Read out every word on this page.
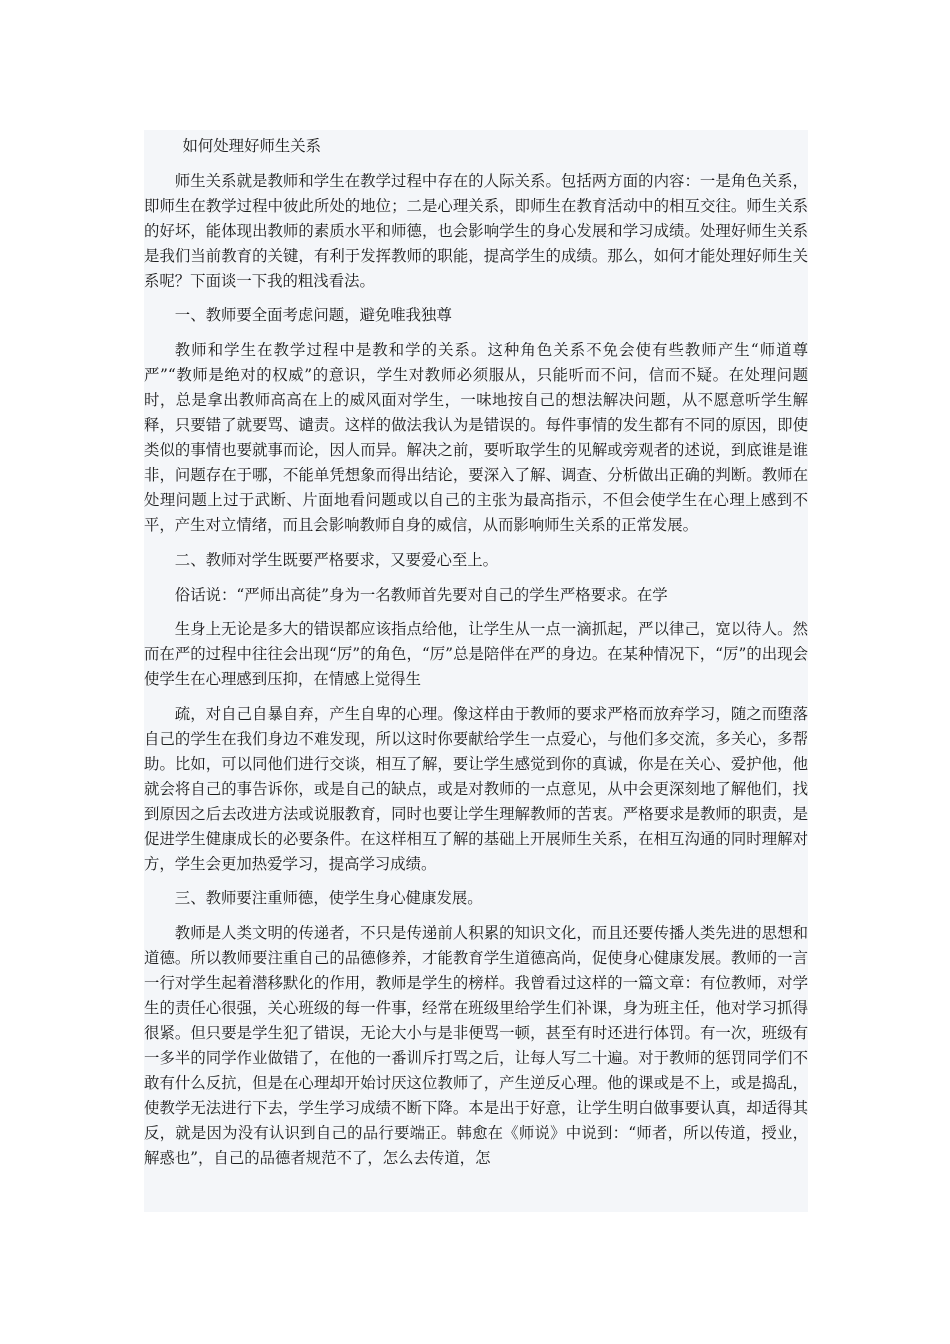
如何处理好师生关系

师生关系就是教师和学生在教学过程中存在的人际关系。包括两方面的内容：一是角色关系，即师生在教学过程中彼此所处的地位；二是心理关系，即师生在教育活动中的相互交往。师生关系的好坏，能体现出教师的素质水平和师德，也会影响学生的身心发展和学习成绩。处理好师生关系是我们当前教育的关键，有利于发挥教师的职能，提高学生的成绩。那么，如何才能处理好师生关系呢？下面谈一下我的粗浅看法。

一、教师要全面考虑问题，避免唯我独尊

教师和学生在教学过程中是教和学的关系。这种角色关系不免会使有些教师产生“师道尊严”“教师是绝对的权威”的意识，学生对教师必须服从，只能听而不问，信而不疑。在处理问题时，总是拿出教师高高在上的威风面对学生，一味地按自己的想法解决问题，从不愿意听学生解释，只要错了就要骂、谴责。这样的做法我认为是错误的。每件事情的发生都有不同的原因，即使类似的事情也要就事而论，因人而异。解决之前，要听取学生的见解或旁观者的述说，到底谁是谁非，问题存在于哪，不能单凭想象而得出结论，要深入了解、调查、分析做出正确的判断。教师在处理问题上过于武断、片面地看问题或以自己的主张为最高指示，不但会使学生在心理上感到不平，产生对立情绪，而且会影响教师自身的威信，从而影响师生关系的正常发展。

二、教师对学生既要严格要求，又要爱心至上。

俗话说：“严师出高徒”身为一名教师首先要对自己的学生严格要求。在学

生身上无论是多大的错误都应该指点给他，让学生从一点一滴抓起，严以律己，宽以待人。然而在严的过程中往往会出现“厉”的角色，“厉”总是陪伴在严的身边。在某种情况下，“厉”的出现会使学生在心理感到压抑，在情感上觉得生

疏，对自己自暴自弃，产生自卑的心理。像这样由于教师的要求严格而放弃学习，随之而堕落自己的学生在我们身边不难发现，所以这时你要献给学生一点爱心，与他们多交流，多关心，多帮助。比如，可以同他们进行交谈，相互了解，要让学生感觉到你的真诚，你是在关心、爱护他，他就会将自己的事告诉你，或是自己的缺点，或是对教师的一点意见，从中会更深刻地了解他们，找到原因之后去改进方法或说服教育，同时也要让学生理解教师的苦衷。严格要求是教师的职责，是促进学生健康成长的必要条件。在这样相互了解的基础上开展师生关系，在相互沟通的同时理解对方，学生会更加热爱学习，提高学习成绩。

三、教师要注重师德，使学生身心健康发展。

教师是人类文明的传递者，不只是传递前人积累的知识文化，而且还要传播人类先进的思想和道德。所以教师要注重自己的品德修养，才能教育学生道德高尚，促使身心健康发展。教师的一言一行对学生起着潜移默化的作用，教师是学生的榜样。我曾看过这样的一篇文章：有位教师，对学生的责任心很强，关心班级的每一件事，经常在班级里给学生们补课，身为班主任，他对学习抓得很紧。但只要是学生犯了错误，无论大小与是非便骂一顿，甚至有时还进行体罚。有一次，班级有一多半的同学作业做错了，在他的一番训斥打骂之后，让每人写二十遍。对于教师的惩罚同学们不敢有什么反抗，但是在心理却开始讨厌这位教师了，产生逆反心理。他的课或是不上，或是捣乱，使教学无法进行下去，学生学习成绩不断下降。本是出于好意，让学生明白做事要认真，却适得其反，就是因为没有认识到自己的品行要端正。韩愈在《师说》中说到：“师者，所以传道，授业，解惑也”，自己的品德者规范不了，怎么去传道，怎
